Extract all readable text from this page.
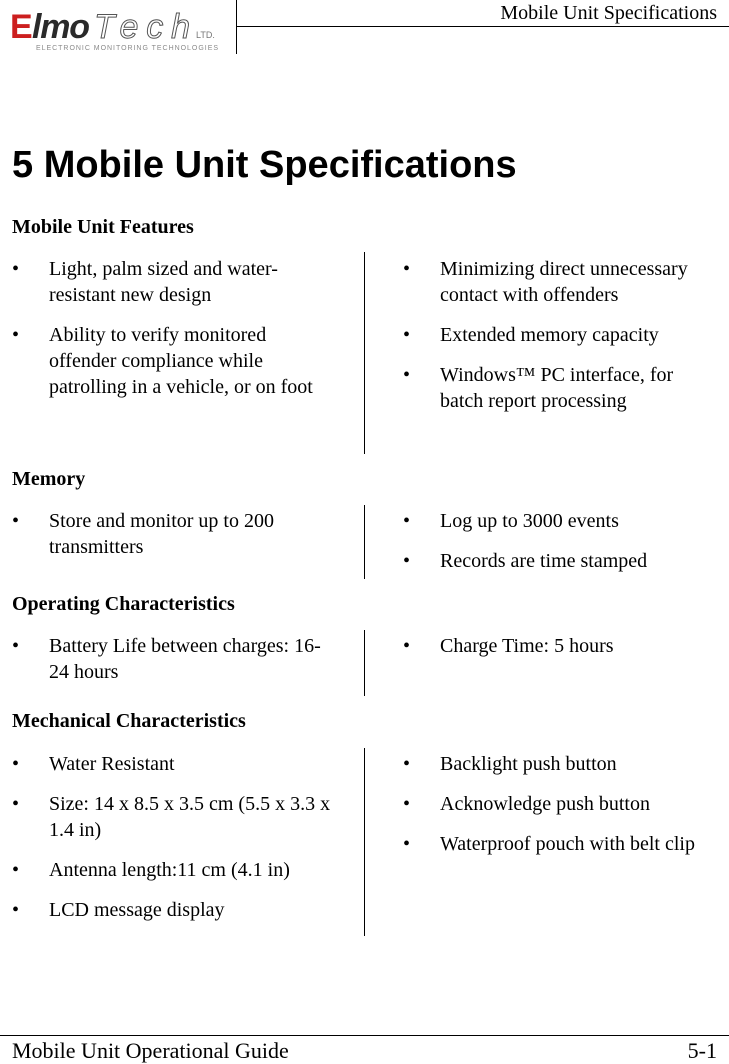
E lmo Tech LTD.
ELECTRONIC MONITORING TECHNOLOGIES
Mobile Unit Specifications
5 Mobile Unit Specifications
Mobile Unit Features
• Light, palm sized and water-resistant new design
• Ability to verify monitored offender compliance while patrolling in a vehicle, or on foot
• Minimizing direct unnecessary contact with offenders
• Extended memory capacity
• Windows™ PC interface, for batch report processing
Memory
• Store and monitor up to 200 transmitters
• Log up to 3000 events
• Records are time stamped
Operating Characteristics
• Battery Life between charges: 16-24 hours
• Charge Time: 5 hours
Mechanical Characteristics
• Water Resistant
• Size: 14 x 8.5 x 3.5 cm (5.5 x 3.3 x 1.4 in)
• Antenna length:11 cm (4.1 in)
• LCD message display
• Backlight push button
• Acknowledge push button
• Waterproof pouch with belt clip
Mobile Unit Operational Guide	5-1
